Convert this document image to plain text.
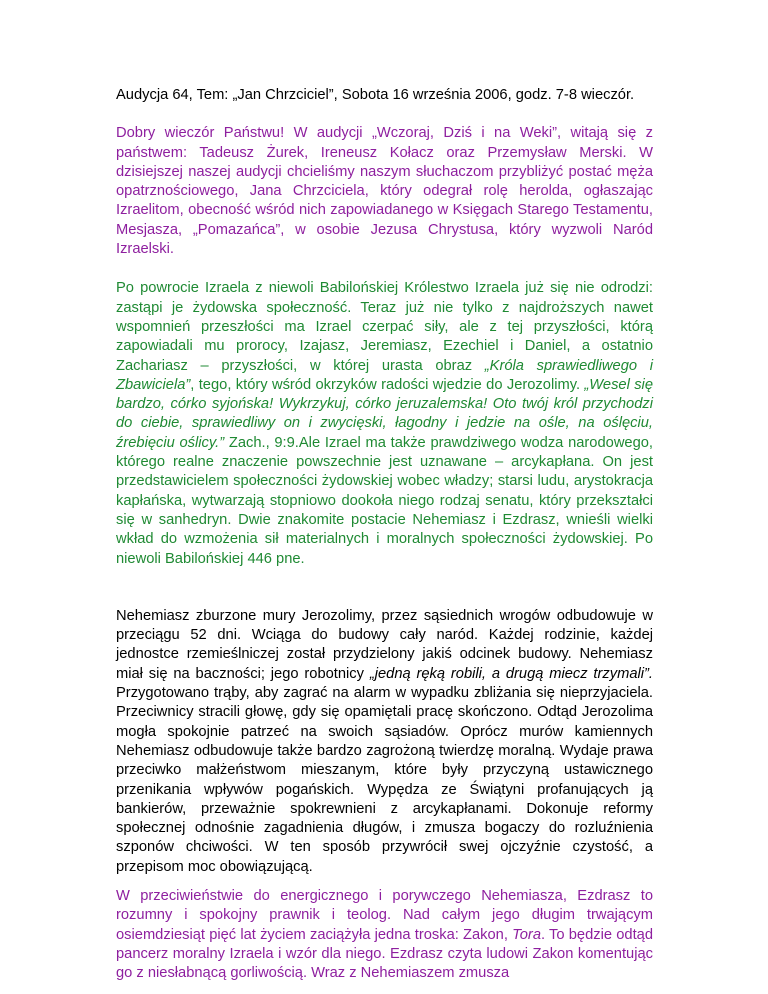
Audycja 64, Tem: „Jan Chrzciciel”, Sobota 16 września 2006, godz. 7-8 wieczór.

Dobry wieczór Państwu! W audycji „Wczoraj, Dziś i na Weki”, witają się z państwem: Tadeusz Żurek, Ireneusz Kołacz oraz Przemysław Merski. W dzisiejszej naszej audycji chcieliśmy naszym słuchaczom przybliżyć postać męża opatrznościowego, Jana Chrzciciela, który odegrał rolę herolda, ogłaszając Izraelitom, obecność wśród nich zapowiadanego w Księgach Starego Testamentu, Mesjasza, „Pomazańca”, w osobie Jezusa Chrystusa, który wyzwoli Naród Izraelski.

Po powrocie Izraela z niewoli Babilońskiej Królestwo Izraela już się nie odrodzi: zastąpi je żydowska społeczność. Teraz już nie tylko z najdroższych nawet wspomnień przeszłości ma Izrael czerpać siły, ale z tej przyszłości, którą zapowiadali mu prorocy, Izajasz, Jeremiasz, Ezechiel i Daniel, a ostatnio Zachariasz – przyszłości, w której urasta obraz „Króla sprawiedliwego i Zbawiciela”, tego, który wśród okrzyków radości wjedzie do Jerozolimy. „Wesel się bardzo, córko syjońska! Wykrzykuj, córko jeruzalemska! Oto twój król przychodzi do ciebie, sprawiedliwy on i zwycięski, łagodny i jedzie na ośle, na oślęciu, źrebięciu oślicy.” Zach., 9:9.Ale Izrael ma także prawdziwego wodza narodowego, którego realne znaczenie powszechnie jest uznawane – arcykapłana. On jest przedstawicielem społeczności żydowskiej wobec władzy; starsi ludu, arystokracja kapłańska, wytwarzają stopniowo dookoła niego rodzaj senatu, który przekształci się w sanhedryn. Dwie znakomite postacie Nehemiasz i Ezdrasz, wnieśli wielki wkład do wzmożenia sił materialnych i moralnych społeczności żydowskiej. Po niewoli Babilońskiej 446 pne.

Nehemiasz zburzone mury Jerozolimy, przez sąsiednich wrogów odbudowuje w przeciągu 52 dni. Wciąga do budowy cały naród. Każdej rodzinie, każdej jednostce rzemieślniczej został przydzielony jakiś odcinek budowy. Nehemiasz miał się na baczności; jego robotnicy „jedną ręką robili, a drugą miecz trzymali”. Przygotowano trąby, aby zagrać na alarm w wypadku zbliżania się nieprzyjaciela. Przeciwnicy stracili głowę, gdy się opamiętali pracę skończono. Odtąd Jerozolima mogła spokojnie patrzeć na swoich sąsiadów. Oprócz murów kamiennych Nehemiasz odbudowuje także bardzo zagrożoną twierdzę moralną. Wydaje prawa przeciwko małżeństwom mieszanym, które były przyczyną ustawicznego przenikania wpływów pogańskich. Wypędza ze Świątyni profanujących ją bankierów, przeważnie spokrewnieni z arcykapłanami. Dokonuje reformy społecznej odnośnie zagadnienia długów, i zmusza bogaczy do rozluźnienia szponów chciwości. W ten sposób przywrócił swej ojczyźnie czystość, a przepisom moc obowiązującą.

W przeciwieństwie do energicznego i porywczego Nehemiasza, Ezdrasz to rozumny i spokojny prawnik i teolog. Nad całym jego długim trwającym osiemdziesiąt pięć lat życiem zaciążyła jedna troska: Zakon, Tora. To będzie odtąd pancerz moralny Izraela i wzór dla niego. Ezdrasz czyta ludowi Zakon komentując go z niesłabnącą gorliwością. Wraz z Nehemiaszem zmusza
